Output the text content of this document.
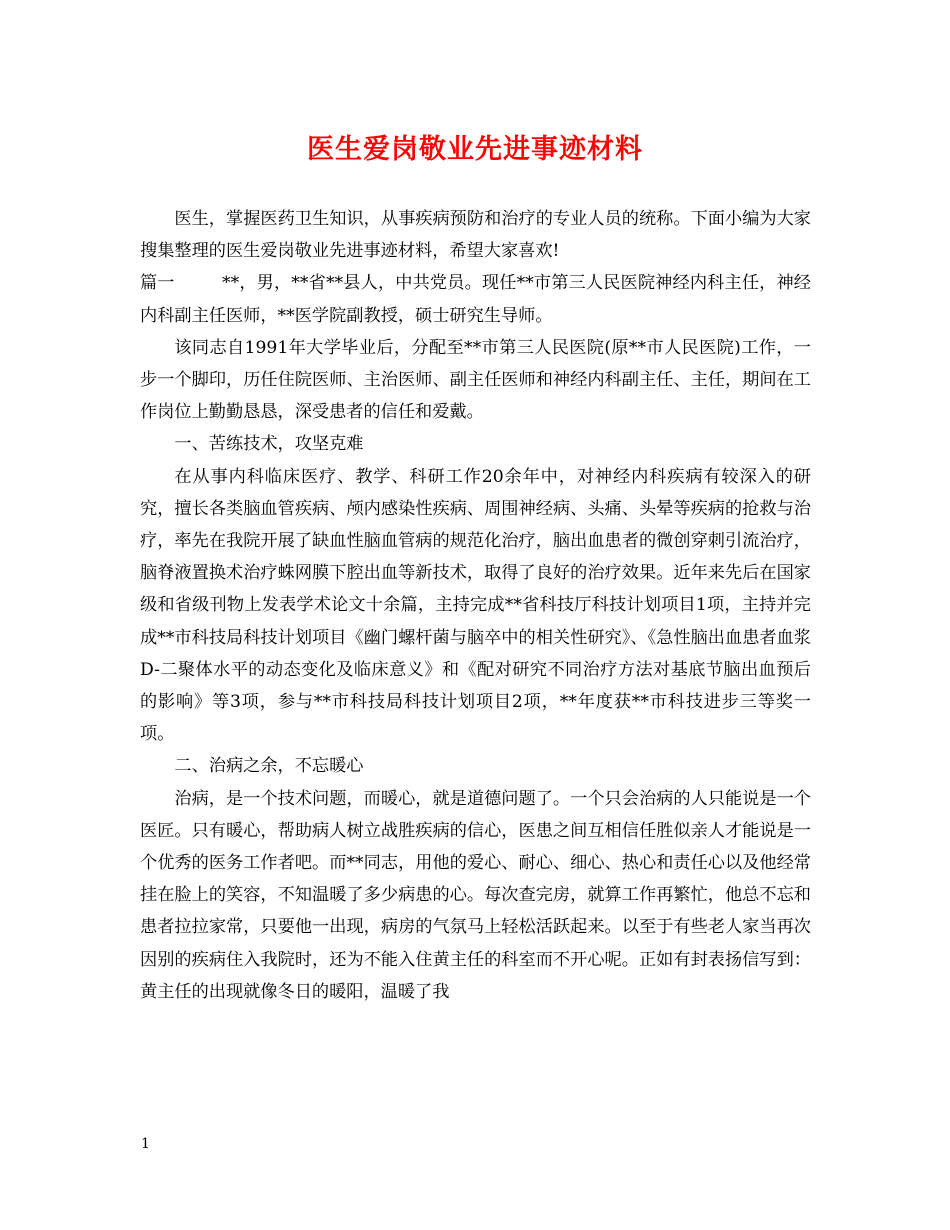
医生爱岗敬业先进事迹材料

医生，掌握医药卫生知识，从事疾病预防和治疗的专业人员的统称。下面小编为大家搜集整理的医生爱岗敬业先进事迹材料，希望大家喜欢!

篇一	**，男，**省**县人，中共党员。现任**市第三人民医院神经内科主任，神经内科副主任医师，**医学院副教授，硕士研究生导师。

该同志自1991年大学毕业后，分配至**市第三人民医院(原**市人民医院)工作，一步一个脚印，历任住院医师、主治医师、副主任医师和神经内科副主任、主任，期间在工作岗位上勤勤恳恳，深受患者的信任和爱戴。

一、苦练技术，攻坚克难

在从事内科临床医疗、教学、科研工作20余年中，对神经内科疾病有较深入的研究，擅长各类脑血管疾病、颅内感染性疾病、周围神经病、头痛、头晕等疾病的抢救与治疗，率先在我院开展了缺血性脑血管病的规范化治疗，脑出血患者的微创穿刺引流治疗，脑脊液置换术治疗蛛网膜下腔出血等新技术，取得了良好的治疗效果。近年来先后在国家级和省级刊物上发表学术论文十余篇，主持完成**省科技厅科技计划项目1项，主持并完成**市科技局科技计划项目《幽门螺杆菌与脑卒中的相关性研究》、《急性脑出血患者血浆D-二聚体水平的动态变化及临床意义》和《配对研究不同治疗方法对基底节脑出血预后的影响》等3项，参与**市科技局科技计划项目2项，**年度获**市科技进步三等奖一项。

二、治病之余，不忘暖心

治病，是一个技术问题，而暖心，就是道德问题了。一个只会治病的人只能说是一个医匠。只有暖心，帮助病人树立战胜疾病的信心，医患之间互相信任胜似亲人才能说是一个优秀的医务工作者吧。而**同志，用他的爱心、耐心、细心、热心和责任心以及他经常挂在脸上的笑容，不知温暖了多少病患的心。每次查完房，就算工作再繁忙，他总不忘和患者拉拉家常，只要他一出现，病房的气氛马上轻松活跃起来。以至于有些老人家当再次因别的疾病住入我院时，还为不能入住黄主任的科室而不开心呢。正如有封表扬信写到：黄主任的出现就像冬日的暖阳，温暖了我

1
